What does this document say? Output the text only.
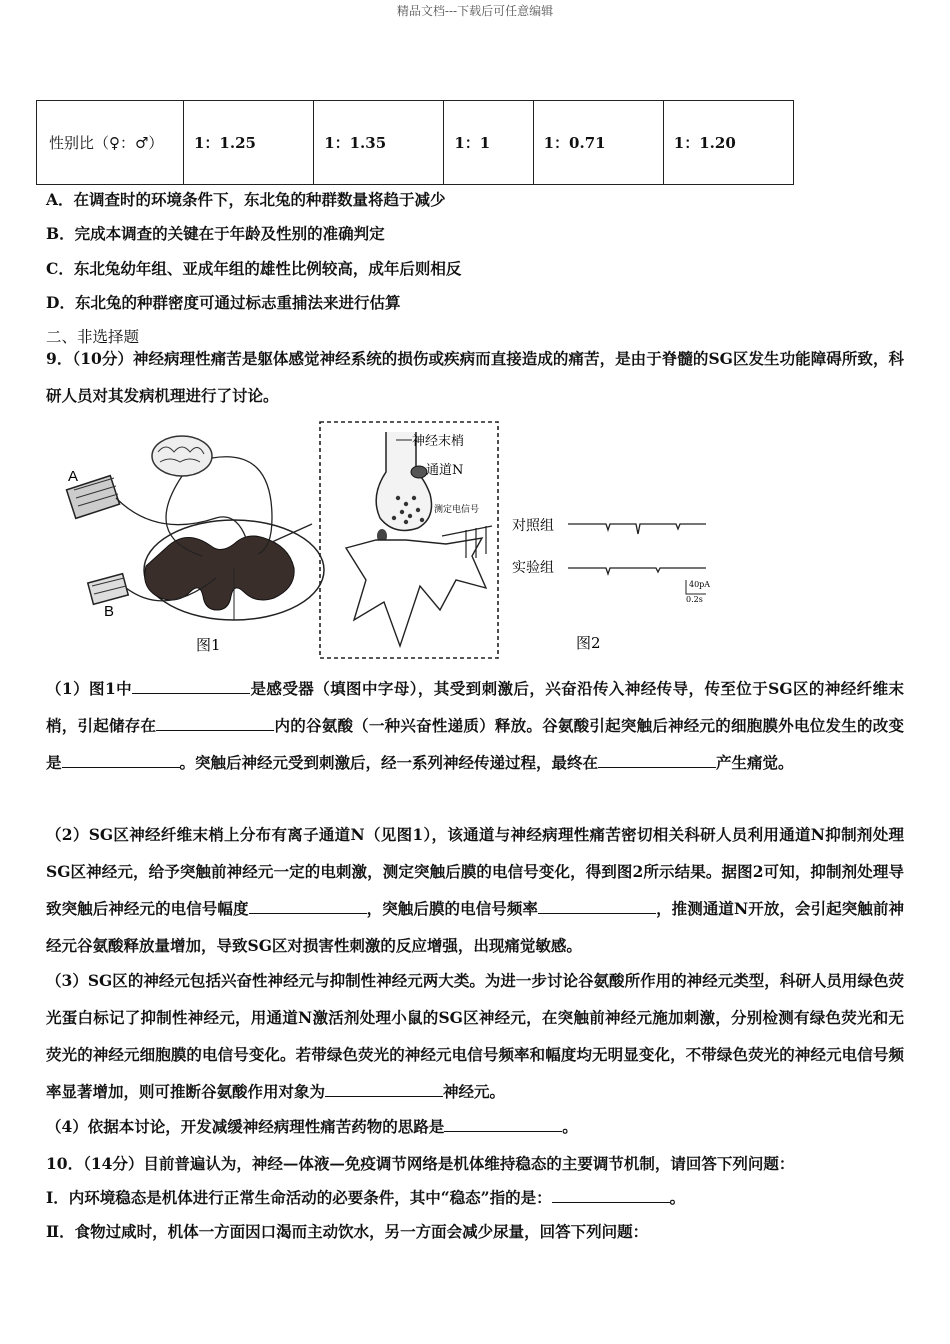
精品文档---下载后可任意编辑
性别比（♀：♂）	1：1.25	1：1.35	1：1	1：0.71	1：1.20
A．在调查时的环境条件下，东北兔的种群数量将趋于减少
B．完成本调查的关键在于年龄及性别的准确判定
C．东北兔幼年组、亚成年组的雄性比例较高，成年后则相反
D．东北兔的种群密度可通过标志重捕法来进行估算
二、非选择题
9．（10分）神经病理性痛苦是躯体感觉神经系统的损伤或疾病而直接造成的痛苦，是由于脊髓的SG区发生功能障碍所致，科研人员对其发病机理进行了讨论。
A
B
图1
神经末梢
通道N
测定电信号
对照组
实验组
40pA
0.2s
图2
（1）图1中	是感受器（填图中字母），其受到刺激后，兴奋沿传入神经传导，传至位于SG区的神经纤维末梢，引起储存在	内的谷氨酸（一种兴奋性递质）释放。谷氨酸引起突触后神经元的细胞膜外电位发生的改变是	。突触后神经元受到刺激后，经一系列神经传递过程，最终在	产生痛觉。
（2）SG区神经纤维末梢上分布有离子通道N（见图1），该通道与神经病理性痛苦密切相关科研人员利用通道N抑制剂处理SG区神经元，给予突触前神经元一定的电刺激，测定突触后膜的电信号变化，得到图2所示结果。据图2可知，抑制剂处理导致突触后神经元的电信号幅度	，突触后膜的电信号频率	，推测通道N开放，会引起突触前神经元谷氨酸释放量增加，导致SG区对损害性刺激的反应增强，出现痛觉敏感。
（3）SG区的神经元包括兴奋性神经元与抑制性神经元两大类。为进一步讨论谷氨酸所作用的神经元类型，科研人员用绿色荧光蛋白标记了抑制性神经元，用通道N激活剂处理小鼠的SG区神经元，在突触前神经元施加刺激，分别检测有绿色荧光和无荧光的神经元细胞膜的电信号变化。若带绿色荧光的神经元电信号频率和幅度均无明显变化，不带绿色荧光的神经元电信号频率显著增加，则可推断谷氨酸作用对象为	神经元。
（4）依据本讨论，开发减缓神经病理性痛苦药物的思路是	。
10．（14分）目前普遍认为，神经—体液—免疫调节网络是机体维持稳态的主要调节机制，请回答下列问题：
Ⅰ．内环境稳态是机体进行正常生命活动的必要条件，其中“稳态”指的是：	。
Ⅱ．食物过咸时，机体一方面因口渴而主动饮水，另一方面会减少尿量，回答下列问题：
